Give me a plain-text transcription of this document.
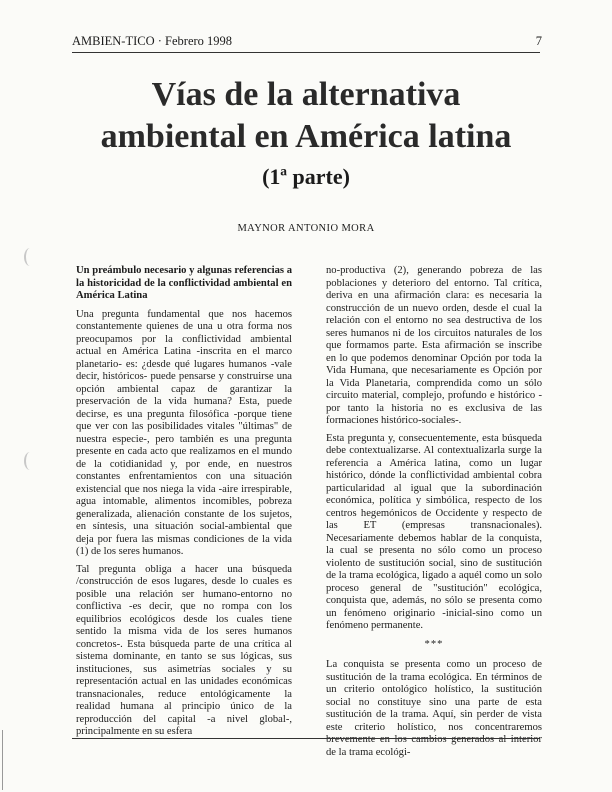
AMBIEN-TICO · Febrero 1998	7
Vías de la alternativa
ambiental en América latina
(1ª parte)
MAYNOR ANTONIO MORA

Un preámbulo necesario y algunas referencias a la historicidad de la conflictividad ambiental en América Latina

Una pregunta fundamental que nos hacemos constantemente quienes de una u otra forma nos preocupamos por la conflictividad ambiental actual en América Latina -inscrita en el marco planetario- es: ¿desde qué lugares humanos -vale decir, históricos- puede pensarse y construirse una opción ambiental capaz de garantizar la preservación de la vida humana? Esta, puede decirse, es una pregunta filosófica -porque tiene que ver con las posibilidades vitales "últimas" de nuestra especie-, pero también es una pregunta presente en cada acto que realizamos en el mundo de la cotidianidad y, por ende, en nuestros constantes enfrentamientos con una situación existencial que nos niega la vida -aire irrespirable, agua intomable, alimentos incomibles, pobreza generalizada, alienación constante de los sujetos, en síntesis, una situación social-ambiental que deja por fuera las mismas condiciones de la vida (1) de los seres humanos.

Tal pregunta obliga a hacer una búsqueda /construcción de esos lugares, desde lo cuales es posible una relación ser humano-entorno no conflictiva -es decir, que no rompa con los equilibrios ecológicos desde los cuales tiene sentido la misma vida de los seres humanos concretos-. Esta búsqueda parte de una crítica al sistema dominante, en tanto se sus lógicas, sus instituciones, sus asimetrías sociales y su representación actual en las unidades económicas transnacionales, reduce entológicamente la realidad humana al principio único de la reproducción del capital -a nivel global-, principalmente en su esfera

no-productiva (2), generando pobreza de las poblaciones y deterioro del entorno. Tal crítica, deriva en una afirmación clara: es necesaria la construcción de un nuevo orden, desde el cual la relación con el entorno no sea destructiva de los seres humanos ni de los circuitos naturales de los que formamos parte. Esta afirmación se inscribe en lo que podemos denominar Opción por toda la Vida Humana, que necesariamente es Opción por la Vida Planetaria, comprendida como un sólo circuito material, complejo, profundo e histórico -por tanto la historia no es exclusiva de las formaciones histórico-sociales-.

Esta pregunta y, consecuentemente, esta búsqueda debe contextualizarse. Al contextualizarla surge la referencia a América latina, como un lugar histórico, dónde la conflictividad ambiental cobra particularidad al igual que la subordinación económica, política y simbólica, respecto de los centros hegemónicos de Occidente y respecto de las ET (empresas transnacionales). Necesariamente debemos hablar de la conquista, la cual se presenta no sólo como un proceso violento de sustitución social, sino de sustitución de la trama ecológica, ligado a aquél como un solo proceso general de "sustitución" ecológica, conquista que, además, no sólo se presenta como un fenómeno originario -inicial-sino como un fenómeno permanente.

***

La conquista se presenta como un proceso de sustitución de la trama ecológica. En términos de un criterio ontológico holístico, la sustitución social no constituye sino una parte de esta sustitución de la trama. Aquí, sin perder de vista este criterio holístico, nos concentraremos brevemente en los cambios generados al interior de la trama ecológi-
